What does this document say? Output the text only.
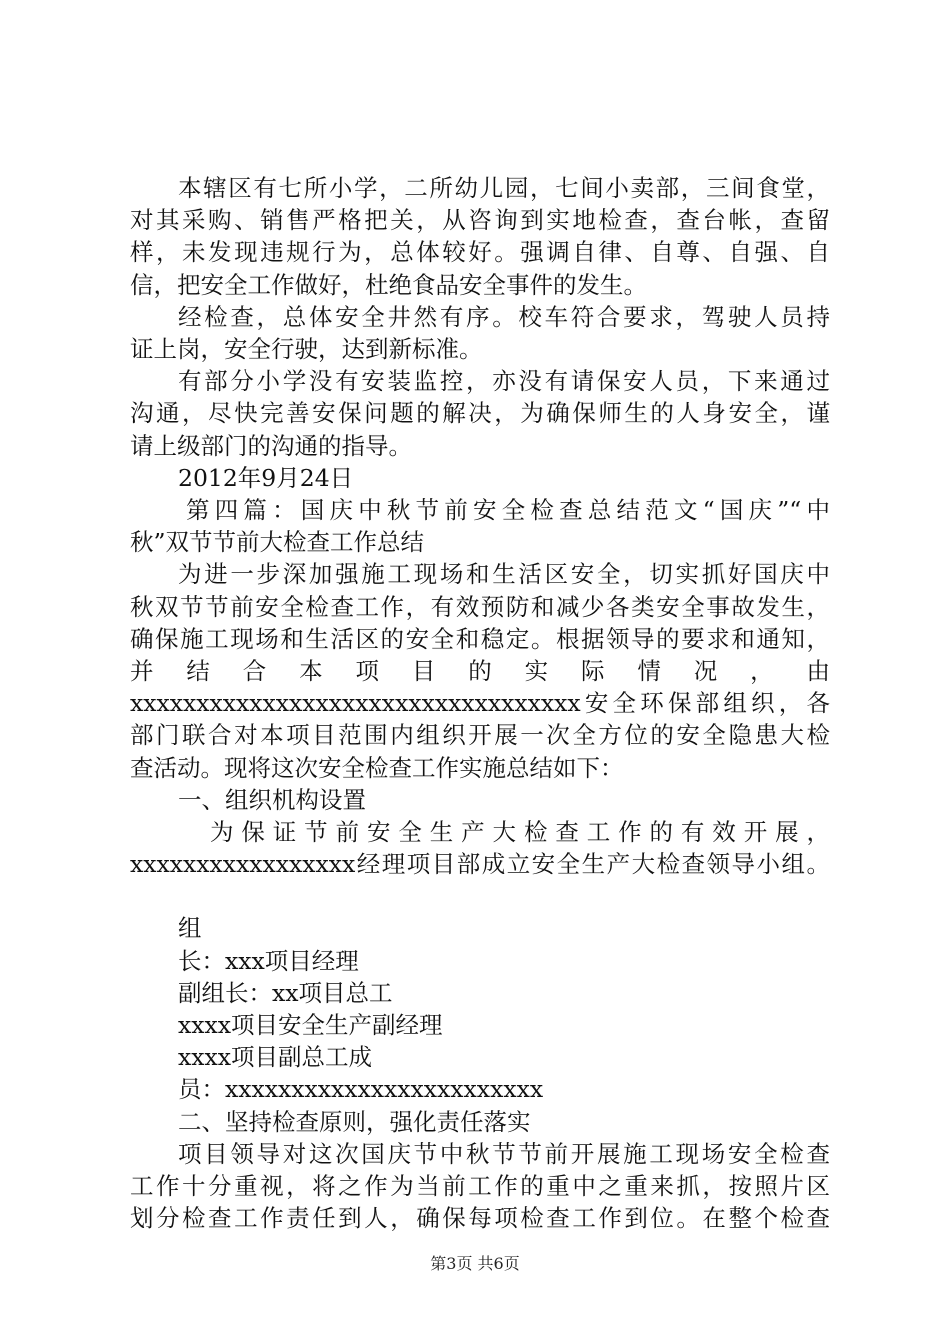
本辖区有七所小学，二所幼儿园，七间小卖部，三间食堂，
对其采购、销售严格把关，从咨询到实地检查，查台帐，查留
样，未发现违规行为，总体较好。强调自律、自尊、自强、自
信，把安全工作做好，杜绝食品安全事件的发生。
经检查，总体安全井然有序。校车符合要求，驾驶人员持
证上岗，安全行驶，达到新标准。
有部分小学没有安装监控，亦没有请保安人员，下来通过
沟通，尽快完善安保问题的解决，为确保师生的人身安全，谨
请上级部门的沟通的指导。
2012年9月24日
第四篇：国庆中秋节前安全检查总结范文“国庆”“中
秋”双节节前大检查工作总结
为进一步深加强施工现场和生活区安全，切实抓好国庆中
秋双节节前安全检查工作，有效预防和减少各类安全事故发生，
确保施工现场和生活区的安全和稳定。根据领导的要求和通知，
并 结 合 本 项 目 的 实 际 情 况 ， 由
xxxxxxxxxxxxxxxxxxxxxxxxxxxxxxxxxx安全环保部组织，各
部门联合对本项目范围内组织开展一次全方位的安全隐患大检
查活动。现将这次安全检查工作实施总结如下：
一、组织机构设置
为 保 证 节 前 安 全 生 产 大 检 查 工 作 的 有 效 开 展 ，
xxxxxxxxxxxxxxxxx经理项目部成立安全生产大检查领导小组。
组
长：xxx项目经理
副组长：xx项目总工
xxxx项目安全生产副经理
xxxx项目副总工成
员：xxxxxxxxxxxxxxxxxxxxxxxx
二、坚持检查原则，强化责任落实
项目领导对这次国庆节中秋节节前开展施工现场安全检查
工作十分重视，将之作为当前工作的重中之重来抓，按照片区
划分检查工作责任到人，确保每项检查工作到位。在整个检查
第3页 共6页
